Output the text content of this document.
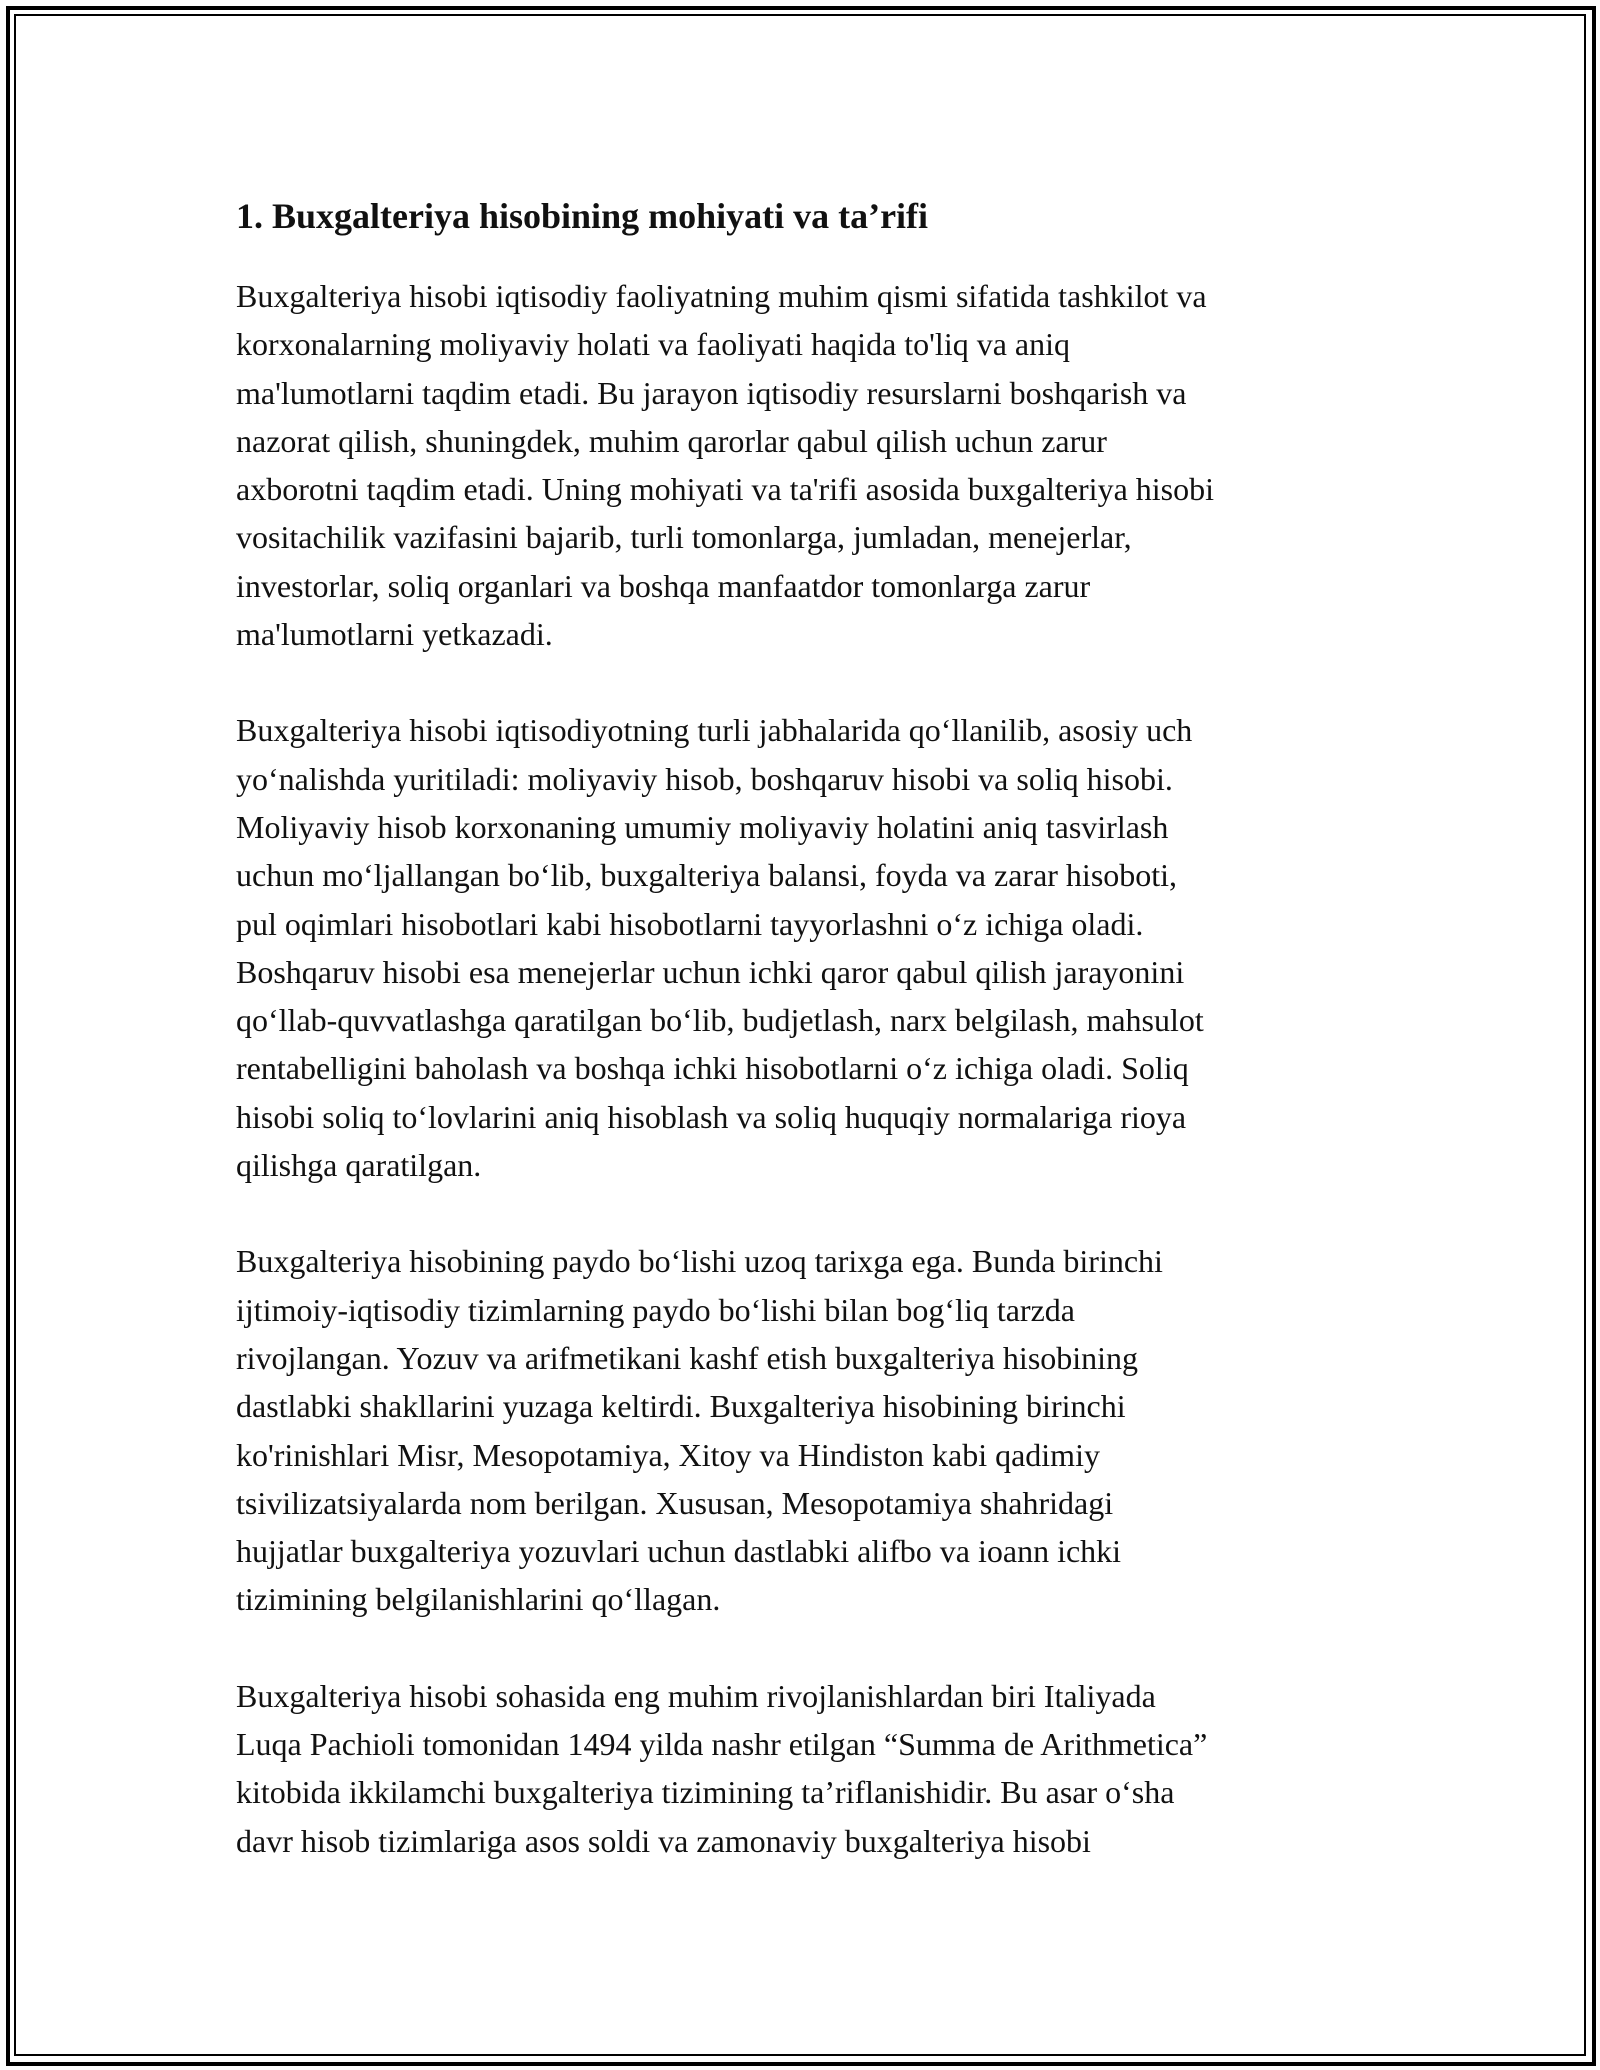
1. Buxgalteriya hisobining mohiyati va ta’rifi

Buxgalteriya hisobi iqtisodiy faoliyatning muhim qismi sifatida tashkilot va
korxonalarning moliyaviy holati va faoliyati haqida to'liq va aniq
ma'lumotlarni taqdim etadi. Bu jarayon iqtisodiy resurslarni boshqarish va
nazorat qilish, shuningdek, muhim qarorlar qabul qilish uchun zarur
axborotni taqdim etadi. Uning mohiyati va ta'rifi asosida buxgalteriya hisobi
vositachilik vazifasini bajarib, turli tomonlarga, jumladan, menejerlar,
investorlar, soliq organlari va boshqa manfaatdor tomonlarga zarur
ma'lumotlarni yetkazadi.

Buxgalteriya hisobi iqtisodiyotning turli jabhalarida qo‘llanilib, asosiy uch
yo‘nalishda yuritiladi: moliyaviy hisob, boshqaruv hisobi va soliq hisobi.
Moliyaviy hisob korxonaning umumiy moliyaviy holatini aniq tasvirlash
uchun mo‘ljallangan bo‘lib, buxgalteriya balansi, foyda va zarar hisoboti,
pul oqimlari hisobotlari kabi hisobotlarni tayyorlashni o‘z ichiga oladi.
Boshqaruv hisobi esa menejerlar uchun ichki qaror qabul qilish jarayonini
qo‘llab-quvvatlashga qaratilgan bo‘lib, budjetlash, narx belgilash, mahsulot
rentabelligini baholash va boshqa ichki hisobotlarni o‘z ichiga oladi. Soliq
hisobi soliq to‘lovlarini aniq hisoblash va soliq huquqiy normalariga rioya
qilishga qaratilgan.

Buxgalteriya hisobining paydo bo‘lishi uzoq tarixga ega. Bunda birinchi
ijtimoiy-iqtisodiy tizimlarning paydo bo‘lishi bilan bog‘liq tarzda
rivojlangan. Yozuv va arifmetikani kashf etish buxgalteriya hisobining
dastlabki shakllarini yuzaga keltirdi. Buxgalteriya hisobining birinchi
ko'rinishlari Misr, Mesopotamiya, Xitoy va Hindiston kabi qadimiy
tsivilizatsiyalarda nom berilgan. Xususan, Mesopotamiya shahridagi
hujjatlar buxgalteriya yozuvlari uchun dastlabki alifbo va ioann ichki
tizimining belgilanishlarini qo‘llagan.

Buxgalteriya hisobi sohasida eng muhim rivojlanishlardan biri Italiyada
Luqa Pachioli tomonidan 1494 yilda nashr etilgan “Summa de Arithmetica”
kitobida ikkilamchi buxgalteriya tizimining ta’riflanishidir. Bu asar o‘sha
davr hisob tizimlariga asos soldi va zamonaviy buxgalteriya hisobi
